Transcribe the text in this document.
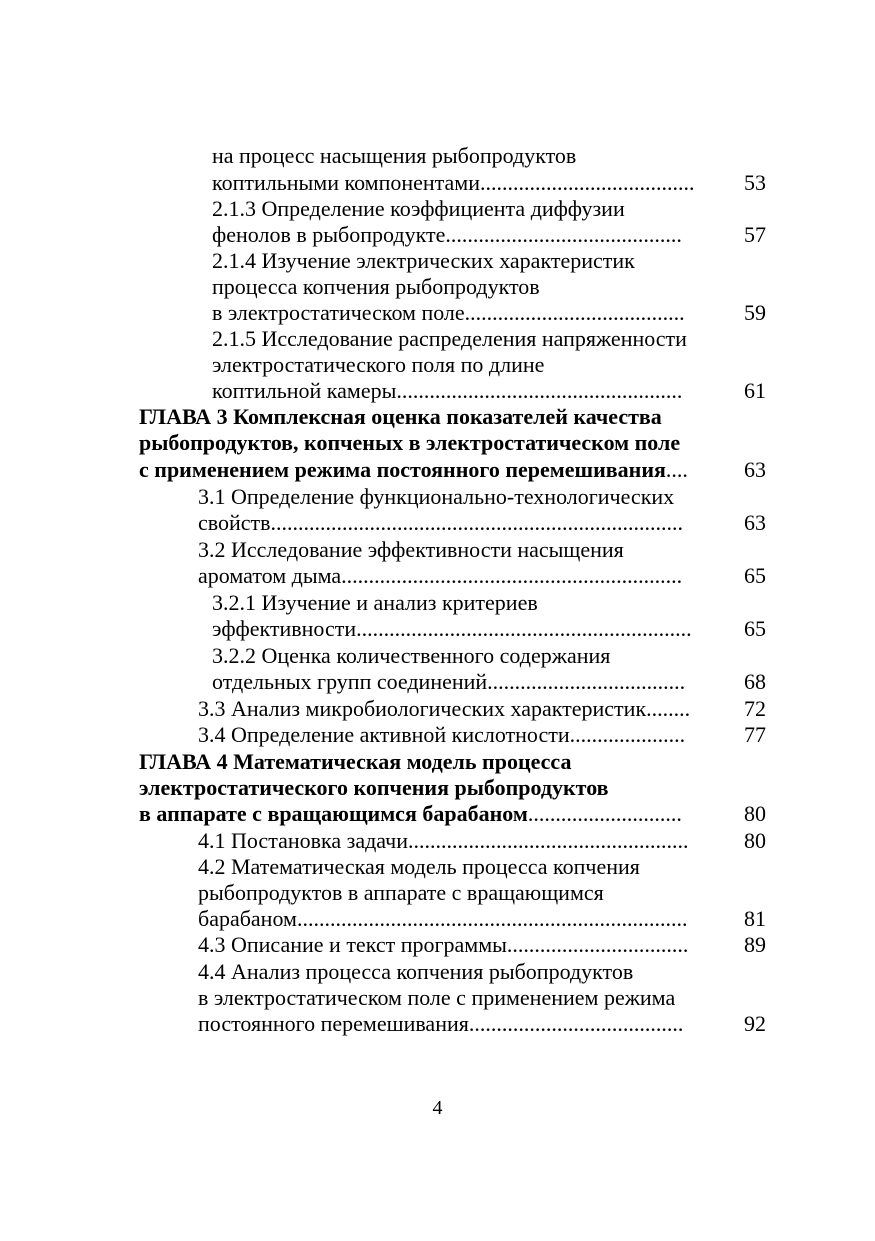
на процесс насыщения рыбопродуктов
коптильными компонентами.......................................	53
2.1.3 Определение коэффициента диффузии
фенолов в рыбопродукте...........................................	57
2.1.4 Изучение электрических характеристик
процесса копчения рыбопродуктов
в электростатическом поле........................................	59
2.1.5 Исследование распределения напряженности
электростатического поля по длине
коптильной камеры....................................................	61
ГЛАВА 3 Комплексная оценка показателей качества
рыбопродуктов, копченых в электростатическом поле
с применением режима постоянного перемешивания....	63
3.1 Определение функционально-технологических
свойств...........................................................................	63
3.2 Исследование эффективности насыщения
ароматом дыма..............................................................	65
3.2.1 Изучение и анализ критериев
эффективности.............................................................	65
3.2.2 Оценка количественного содержания
отдельных групп соединений....................................	68
3.3 Анализ микробиологических характеристик........	72
3.4 Определение активной кислотности.....................	77
ГЛАВА 4 Математическая модель процесса
электростатического копчения рыбопродуктов
в аппарате с вращающимся барабаном............................	80
4.1 Постановка задачи...................................................	80
4.2 Математическая модель процесса копчения
рыбопродуктов в аппарате с вращающимся
барабаном.......................................................................	81
4.3 Описание и текст программы.................................	89
4.4 Анализ процесса копчения рыбопродуктов
в электростатическом поле с применением режима
постоянного перемешивания.......................................	92
4
